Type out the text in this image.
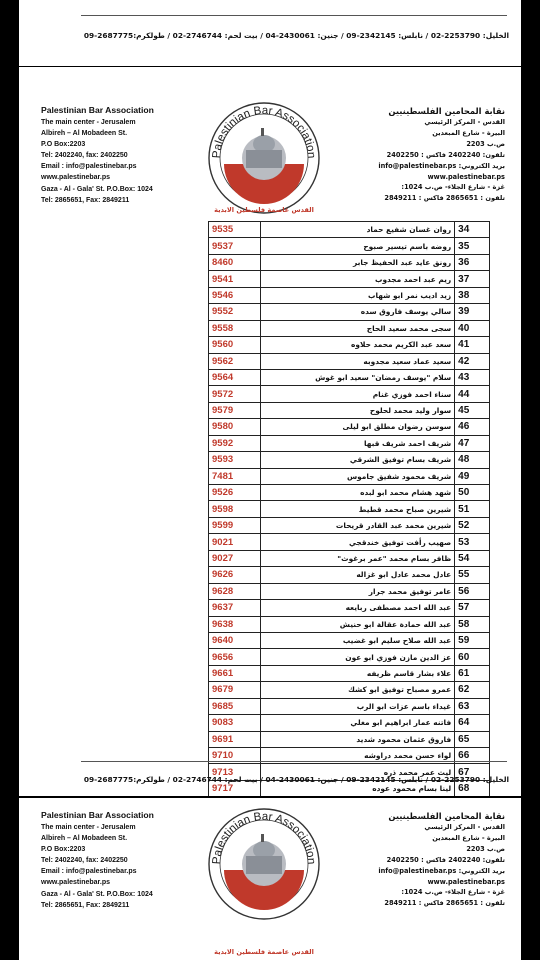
الخليل: 2253790-02 / نابلس: 2342145-09 / جنين: 2430061-04 / بيت لحم: 2746744-02 / طولكرم:2687775-09
Palestinian Bar Association
The main center - Jerusalem
Albireh – Al Mobadeen St.
P.O Box:2203
Tel: 2402240, fax: 2402250
Email : info@palestinebar.ps
www.palestinebar.ps
Gaza - Al - Gala' St. P.O.Box: 1024
Tel: 2865651, Fax: 2849211
Palestinian Bar Association
القدس عاصمة فلسطين الابدية
نقابة المحامين الفلسطينيين
القدس - المركز الرئيسي
البيرة - شارع المبعدين
ص.ب 2203
تلفون: 2402240 فاكس : 2402250
بريد الكتروني: info@palestinebar.ps
www.palestinebar.ps
غزة - شارع الجلاء- ص.ب 1024:
تلفون : 2865651 فاكس : 2849211
9535	روان غسان شفيع حماد	34
9537	روضه باسم تيسير صبوح	35
8460	رونق عايد عبد الحفيظ جابر	36
9541	ريم عبد احمد مجدوب	37
9546	زيد اديب نمر ابو شهاب	38
9552	سالي يوسف فاروق سده	39
9558	سجى محمد سعيد الحاج	40
9560	سعد عبد الكريم محمد حلاوه	41
9562	سعيد عماد سعيد مجدوبه	42
9564	سلام "يوسف رمضان" سعيد ابو غوش	43
9572	سناء احمد فوزي غنام	44
9579	سوار وليد محمد لحلوح	45
9580	سوسن رضوان مطلق ابو ليلى	46
9592	شريف احمد شريف قبها	47
9593	شريف بسام توفيق الشرقي	48
7481	شريف محمود شفيق جاموس	49
9526	شهد هشام محمد ابو لبده	50
9598	شيرين صباح محمد قطيط	51
9599	شيرين محمد عبد القادر قريحات	52
9021	صهيب رأفت توفيق خندقجي	53
9027	ظافر بسام محمد "عمر برغوث"	54
9626	عادل محمد عادل ابو غزاله	55
9628	عامر توفيق محمد جرار	56
9637	عبد الله احمد مصطفى ربايعه	57
9638	عبد الله حمادة عقالة ابو حنيش	58
9640	عبد الله صلاح سليم ابو غضيب	59
9656	عز الدين مازن فوزي ابو عون	60
9661	علاء بشار قاسم ظريفه	61
9679	عمرو مصباح توفيق ابو كشك	62
9685	غيداء باسم عزات ابو الرب	63
9083	فاتنه عمار ابراهيم ابو مغلي	64
9691	فاروق عثمان محمود شديد	65
9710	لواء حسن محمد دراوشه	66
9713	ليث عمر محمد ذره	67
9717	لينا بسام محمود عوده	68

الخليل: 2253790-02 / نابلس: 2342145-09 / جنين: 2430061-04 / بيت لحم: 2746744-02 / طولكرم:2687775-09
Palestinian Bar Association
The main center - Jerusalem
Albireh – Al Mobadeen St.
P.O Box:2203
Tel: 2402240, fax: 2402250
Email : info@palestinebar.ps
www.palestinebar.ps
Gaza - Al - Gala' St. P.O.Box: 1024
Tel: 2865651, Fax: 2849211
Palestinian Bar Association
القدس عاصمة فلسطين الابدية
نقابة المحامين الفلسطينيين
القدس - المركز الرئيسي
البيرة - شارع المبعدين
ص.ب 2203
تلفون: 2402240 فاكس : 2402250
بريد الكتروني: info@palestinebar.ps
www.palestinebar.ps
غزة - شارع الجلاء- ص.ب 1024:
تلفون : 2865651 فاكس : 2849211
